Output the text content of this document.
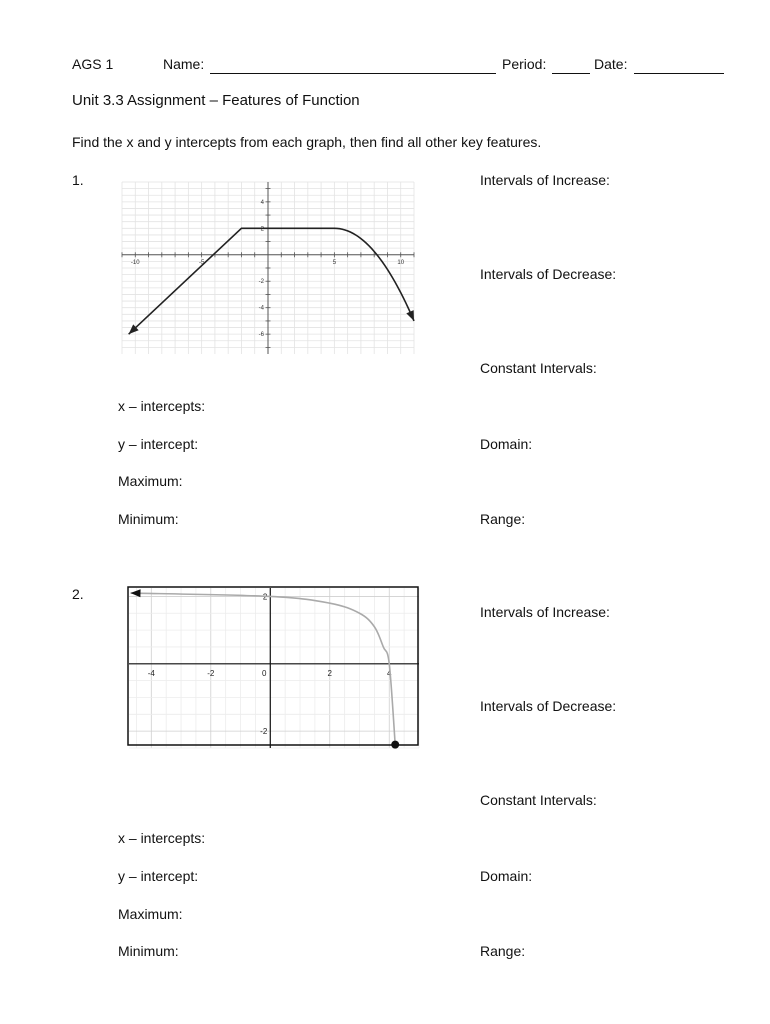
AGS 1	Name:	Period:	Date:
Unit 3.3 Assignment – Features of Function
Find the x and y intercepts from each graph, then find all other key features.
1.
-10	-5	5	10
4
2
-2
-4
-6
Intervals of Increase:
Intervals of Decrease:
Constant Intervals:
x – intercepts:
y – intercept:	Domain:
Maximum:
Minimum:	Range:
2.
-4	-2	0	2	4
2
-2
Intervals of Increase:
Intervals of Decrease:
Constant Intervals:
x – intercepts:
y – intercept:	Domain:
Maximum:
Minimum:	Range:
